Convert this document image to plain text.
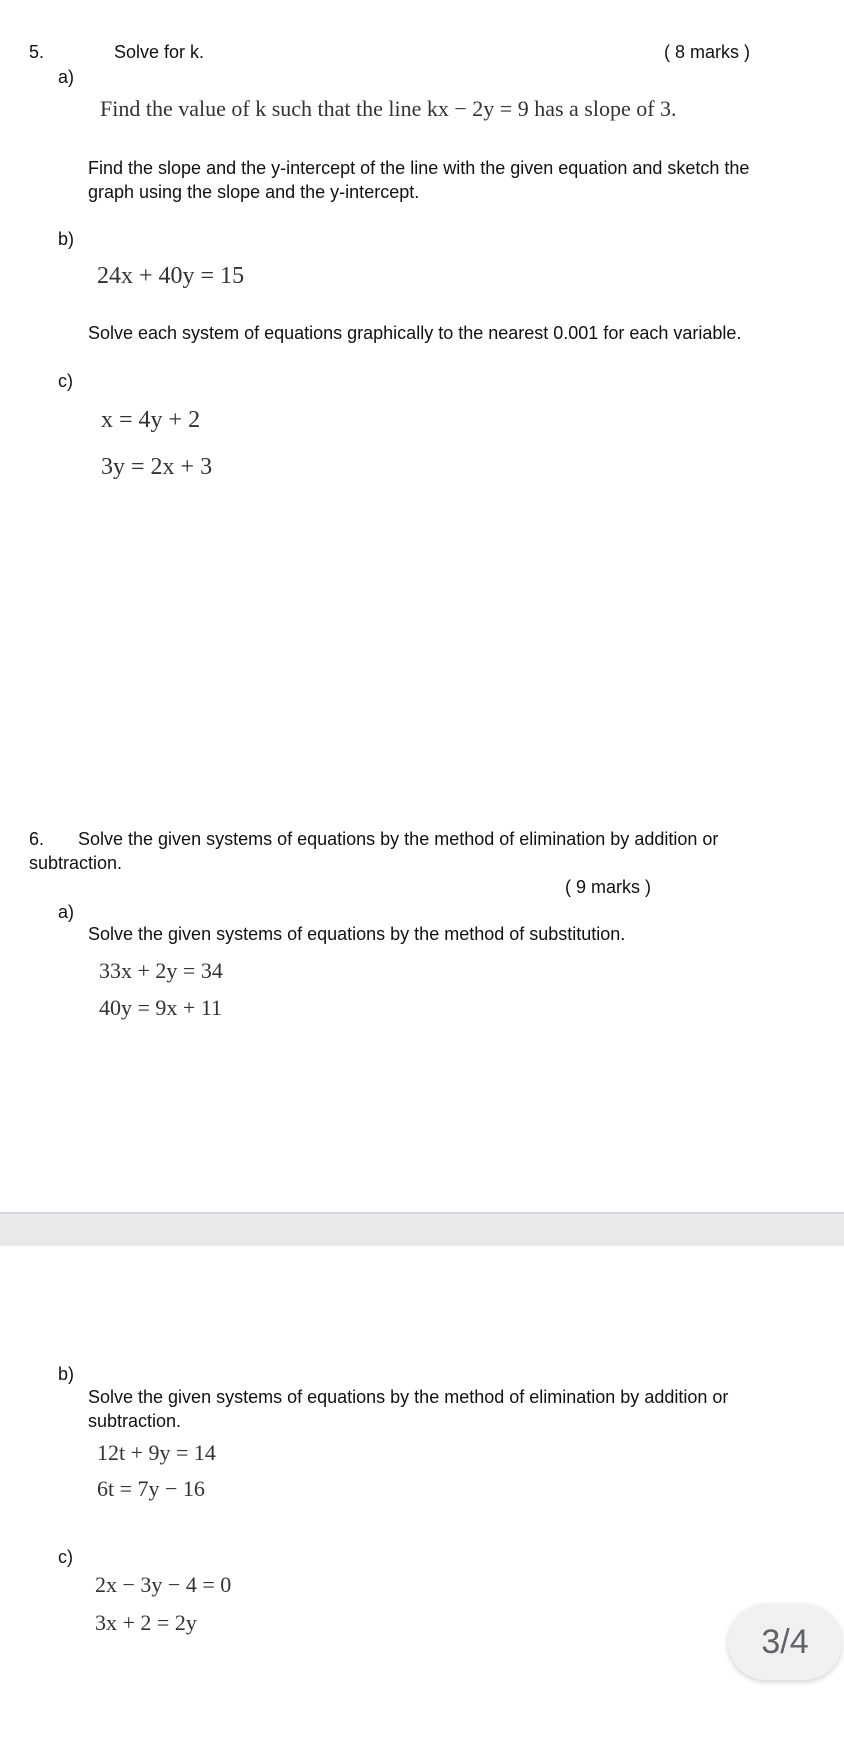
5.	Solve for k.	( 8 marks )
a)
Find the value of k such that the line kx − 2y = 9 has a slope of 3.
Find the slope and the y-intercept of the line with the given equation and sketch the graph using the slope and the y-intercept.
b)
24x + 40y = 15
Solve each system of equations graphically to the nearest 0.001 for each variable.
c)
x = 4y + 2
3y = 2x + 3
6. Solve the given systems of equations by the method of elimination by addition or
subtraction.
( 9 marks )
a)
Solve the given systems of equations by the method of substitution.
33x + 2y = 34
40y = 9x + 11
b)
Solve the given systems of equations by the method of elimination by addition or subtraction.
12t + 9y = 14
6t = 7y − 16
c)
2x − 3y − 4 = 0
3x + 2 = 2y	3/4
